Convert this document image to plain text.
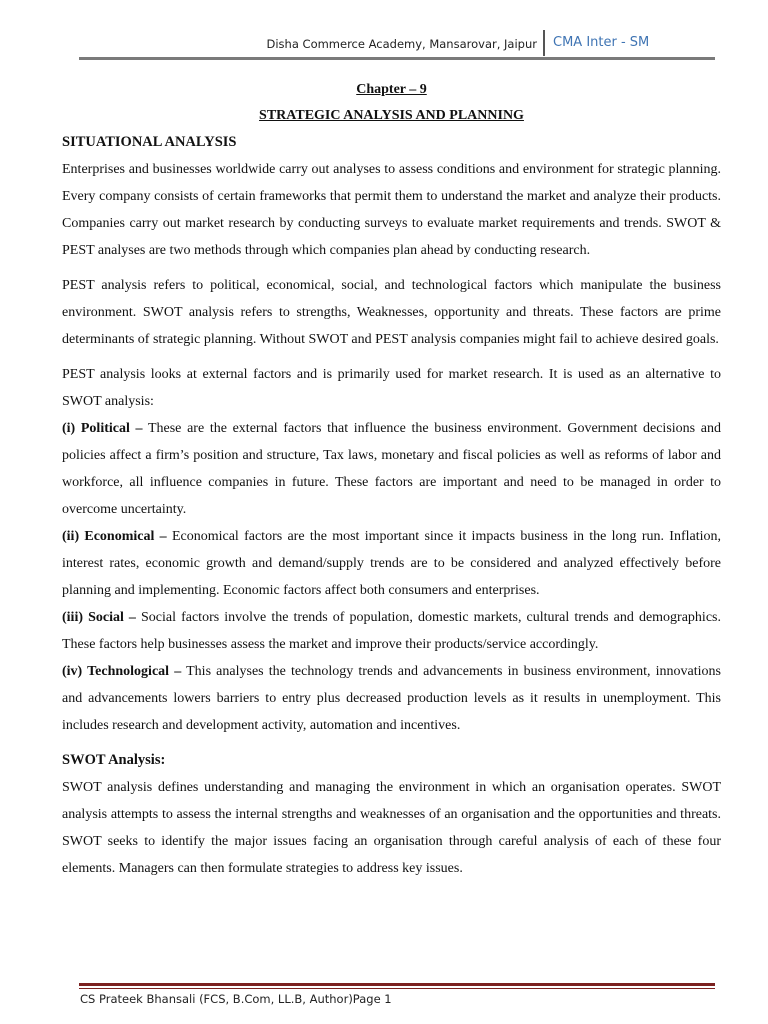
Disha Commerce Academy, Mansarovar, Jaipur CMA Inter - SM
Chapter – 9
STRATEGIC ANALYSIS AND PLANNING
SITUATIONAL ANALYSIS

Enterprises and businesses worldwide carry out analyses to assess conditions and environment for strategic planning. Every company consists of certain frameworks that permit them to understand the market and analyze their products. Companies carry out market research by conducting surveys to evaluate market requirements and trends. SWOT & PEST analyses are two methods through which companies plan ahead by conducting research.

PEST analysis refers to political, economical, social, and technological factors which manipulate the business environment. SWOT analysis refers to strengths, Weaknesses, opportunity and threats. These factors are prime determinants of strategic planning. Without SWOT and PEST analysis companies might fail to achieve desired goals.

PEST analysis looks at external factors and is primarily used for market research. It is used as an alternative to SWOT analysis:

(i) Political – These are the external factors that influence the business environment. Government decisions and policies affect a firm’s position and structure, Tax laws, monetary and fiscal policies as well as reforms of labor and workforce, all influence companies in future. These factors are important and need to be managed in order to overcome uncertainty.

(ii) Economical – Economical factors are the most important since it impacts business in the long run. Inflation, interest rates, economic growth and demand/supply trends are to be considered and analyzed effectively before planning and implementing. Economic factors affect both consumers and enterprises.

(iii) Social – Social factors involve the trends of population, domestic markets, cultural trends and demographics. These factors help businesses assess the market and improve their products/service accordingly.

(iv) Technological – This analyses the technology trends and advancements in business environment, innovations and advancements lowers barriers to entry plus decreased production levels as it results in unemployment. This includes research and development activity, automation and incentives.

SWOT Analysis:

SWOT analysis defines understanding and managing the environment in which an organisation operates. SWOT analysis attempts to assess the internal strengths and weaknesses of an organisation and the opportunities and threats. SWOT seeks to identify the major issues facing an organisation through careful analysis of each of these four elements. Managers can then formulate strategies to address key issues.

CS Prateek Bhansali (FCS, B.Com, LL.B, Author)Page 1
